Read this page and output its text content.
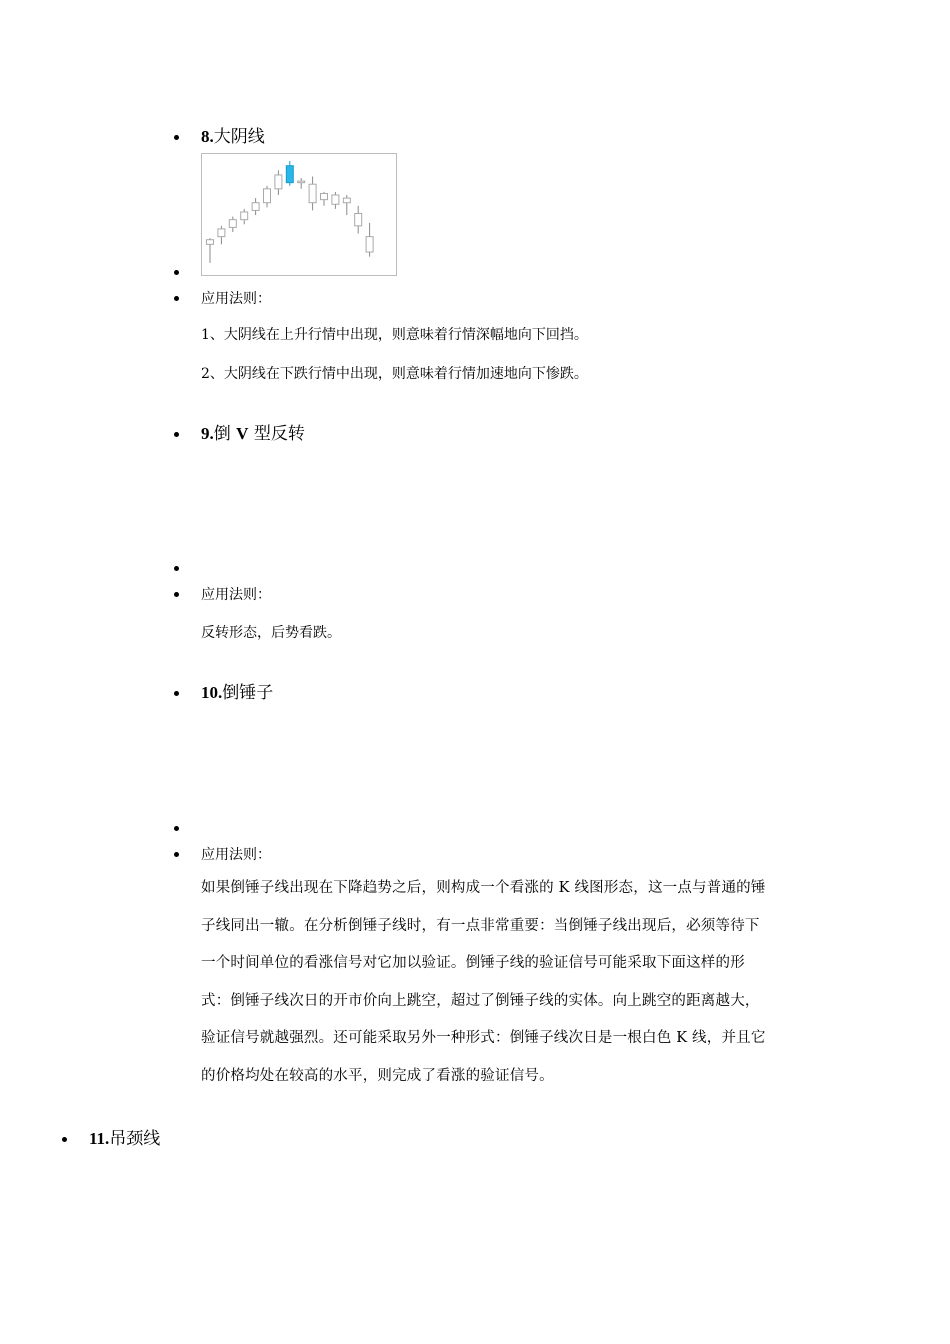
8.大阴线
应用法则：
1、大阴线在上升行情中出现，则意味着行情深幅地向下回挡。
2、大阴线在下跌行情中出现，则意味着行情加速地向下惨跌。
9.倒 V 型反转
应用法则：
反转形态，后势看跌。
10.倒锤子
应用法则：
如果倒锤子线出现在下降趋势之后，则构成一个看涨的 K 线图形态，这一点与普通的锤
子线同出一辙。在分析倒锤子线时，有一点非常重要：当倒锤子线出现后，必须等待下
一个时间单位的看涨信号对它加以验证。倒锤子线的验证信号可能采取下面这样的形
式：倒锤子线次日的开市价向上跳空，超过了倒锤子线的实体。向上跳空的距离越大，
验证信号就越强烈。还可能采取另外一种形式：倒锤子线次日是一根白色 K 线，并且它
的价格均处在较高的水平，则完成了看涨的验证信号。
11.吊颈线
